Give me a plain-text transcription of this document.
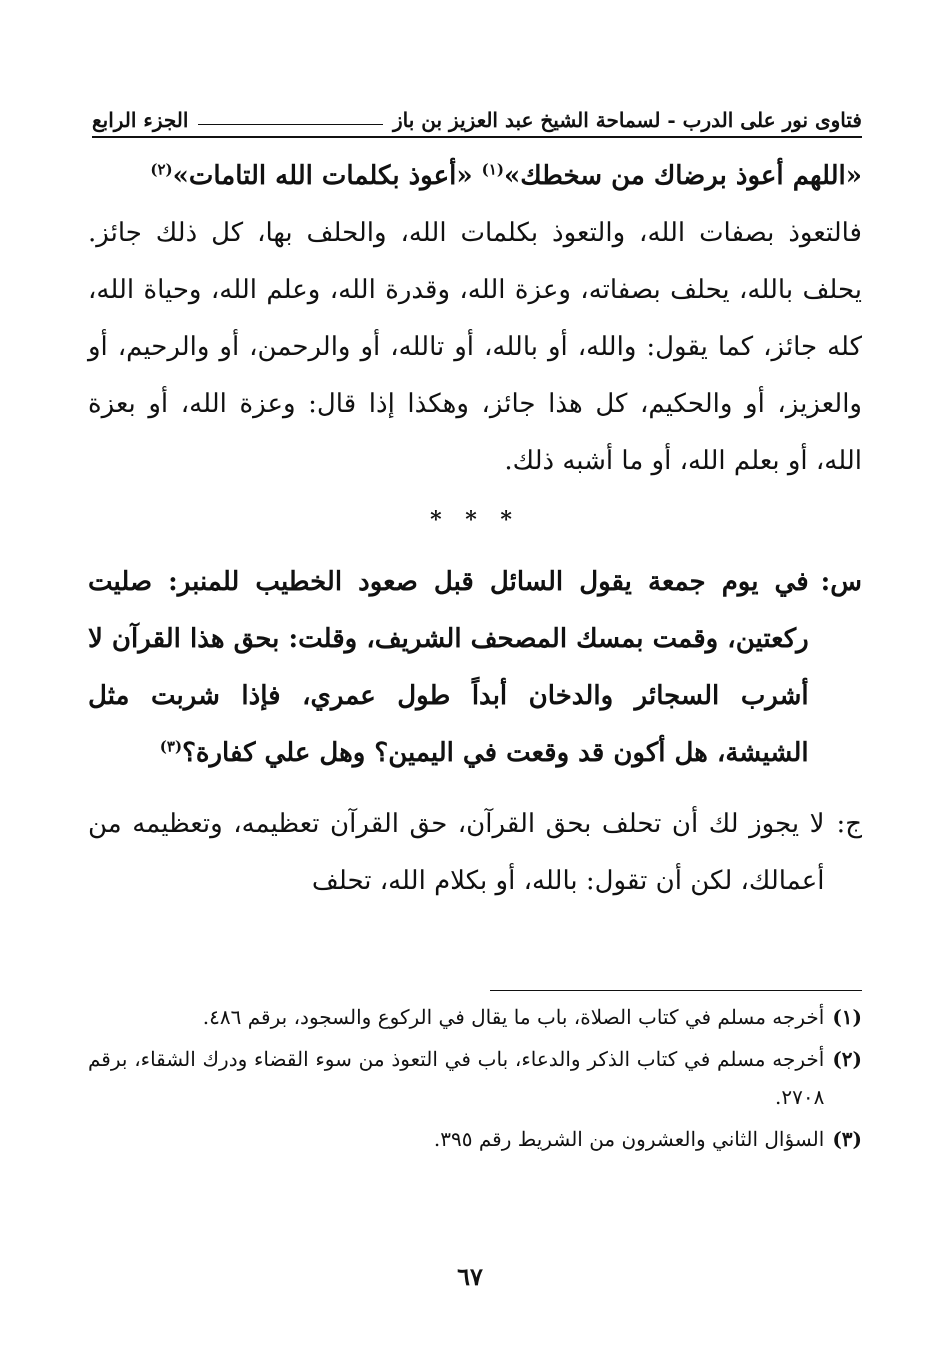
فتاوى نور على الدرب - لسماحة الشيخ عبد العزيز بن باز
الجزء الرابع

«اللهم أعوذ برضاك من سخطك»$^{(١)}$ «أعوذ بكلمات الله التامات»$^{(٢)}$

فالتعوذ بصفات الله، والتعوذ بكلمات الله، والحلف بها، كل ذلك جائز. يحلف بالله، يحلف بصفاته، وعزة الله، وقدرة الله، وعلم الله، وحياة الله، كله جائز، كما يقول: والله، أو بالله، أو تالله، أو والرحمن، أو والرحيم، أو والعزيز، أو والحكيم، كل هذا جائز، وهكذا إذا قال: وعزة الله، أو بعزة الله، أو بعلم الله، أو ما أشبه ذلك.

* * *
س:
في يوم جمعة يقول السائل قبل صعود الخطيب للمنبر: صليت ركعتين، وقمت بمسك المصحف الشريف، وقلت: بحق هذا القرآن لا أشرب السجائر والدخان أبداً طول عمري، فإذا شربت مثل الشيشة، هل أكون قد وقعت في اليمين؟ وهل علي كفارة؟$^{(٣)}$
ج:
لا يجوز لك أن تحلف بحق القرآن، حق القرآن تعظيمه، وتعظيمه من أعمالك، لكن أن تقول: بالله، أو بكلام الله، تحلف
(١)
أخرجه مسلم في كتاب الصلاة، باب ما يقال في الركوع والسجود، برقم ٤٨٦.
(٢)
أخرجه مسلم في كتاب الذكر والدعاء، باب في التعوذ من سوء القضاء ودرك الشقاء، برقم ٢٧٠٨.
(٣)
السؤال الثاني والعشرون من الشريط رقم ٣٩٥.
٦٧
